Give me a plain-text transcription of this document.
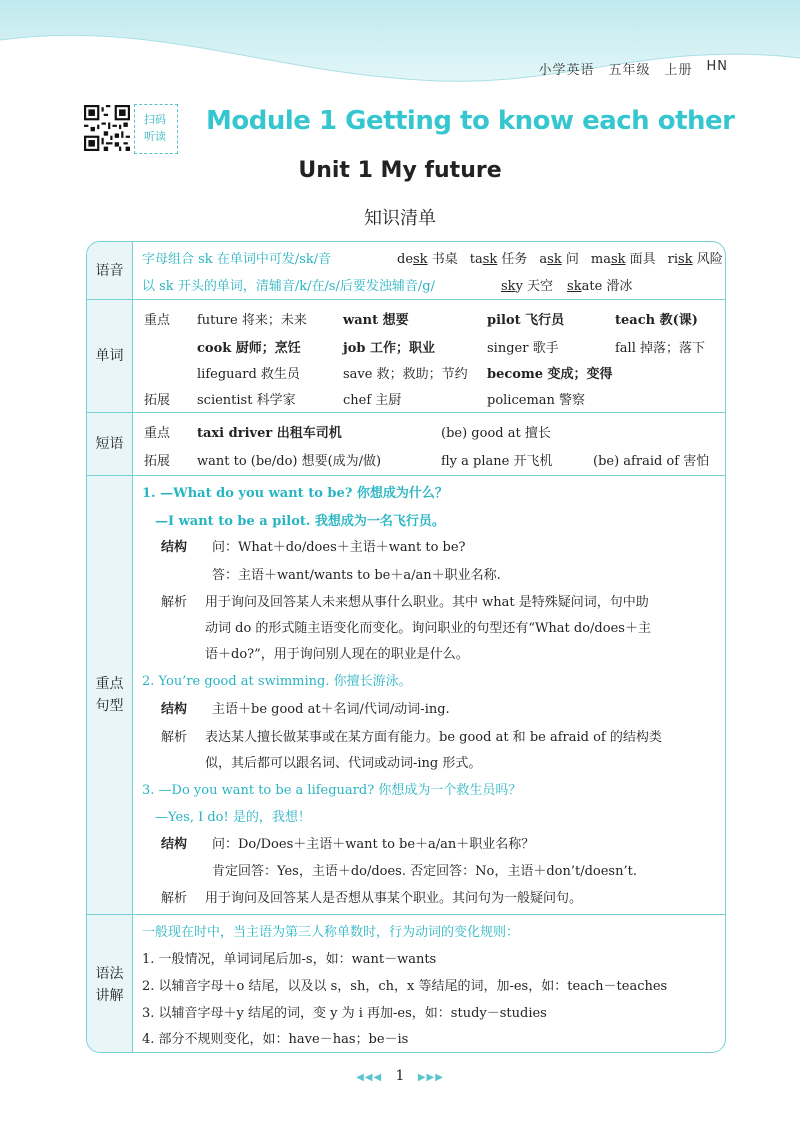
小学英语 五年级 上册 HN
扫码
听读
Module 1 Getting to know each other
Unit 1 My future
知识清单
语音
字母组合 sk 在单词中可发/sk/音	desk 书桌 task 任务 ask 问 mask 面具 risk 风险
以 sk 开头的单词，清辅音/k/在/s/后要发浊辅音/g/	sky 天空 skate 滑冰
单词
重点 future 将来；未来	want 想要	pilot 飞行员	teach 教(课)
cook 厨师；烹饪	job 工作；职业	singer 歌手	fall 掉落；落下
lifeguard 救生员	save 救；救助；节约 become 变成；变得
拓展 scientist 科学家	chef 主厨	policeman 警察
短语
重点 taxi driver 出租车司机	(be) good at 擅长
拓展 want to (be/do) 想要(成为/做)	fly a plane 开飞机	(be) afraid of 害怕
重点
句型
1. —What do you want to be? 你想成为什么？
—I want to be a pilot. 我想成为一名飞行员。
结构 问：What＋do/does＋主语＋want to be?
答：主语＋want/wants to be＋a/an＋职业名称.
解析 用于询问及回答某人未来想从事什么职业。其中 what 是特殊疑问词，句中助
动词 do 的形式随主语变化而变化。询问职业的句型还有“What do/does＋主
语＋do?”，用于询问别人现在的职业是什么。
2. You’re good at swimming. 你擅长游泳。
结构 主语＋be good at＋名词/代词/动词-ing.
解析 表达某人擅长做某事或在某方面有能力。be good at 和 be afraid of 的结构类
似，其后都可以跟名词、代词或动词-ing 形式。
3. —Do you want to be a lifeguard? 你想成为一个救生员吗？
—Yes, I do! 是的，我想！
结构 问：Do/Does＋主语＋want to be＋a/an＋职业名称？
肯定回答：Yes，主语＋do/does. 否定回答：No，主语＋don’t/doesn’t.
解析 用于询问及回答某人是否想从事某个职业。其问句为一般疑问句。
语法
讲解
一般现在时中，当主语为第三人称单数时，行为动词的变化规则：
1. 一般情况，单词词尾后加-s，如：want－wants
2. 以辅音字母＋o 结尾，以及以 s，sh，ch，x 等结尾的词，加-es，如：teach－teaches
3. 以辅音字母＋y 结尾的词，变 y 为 i 再加-es，如：study－studies
4. 部分不规则变化，如：have－has；be－is
◀◀◀ 1 ▶▶▶
